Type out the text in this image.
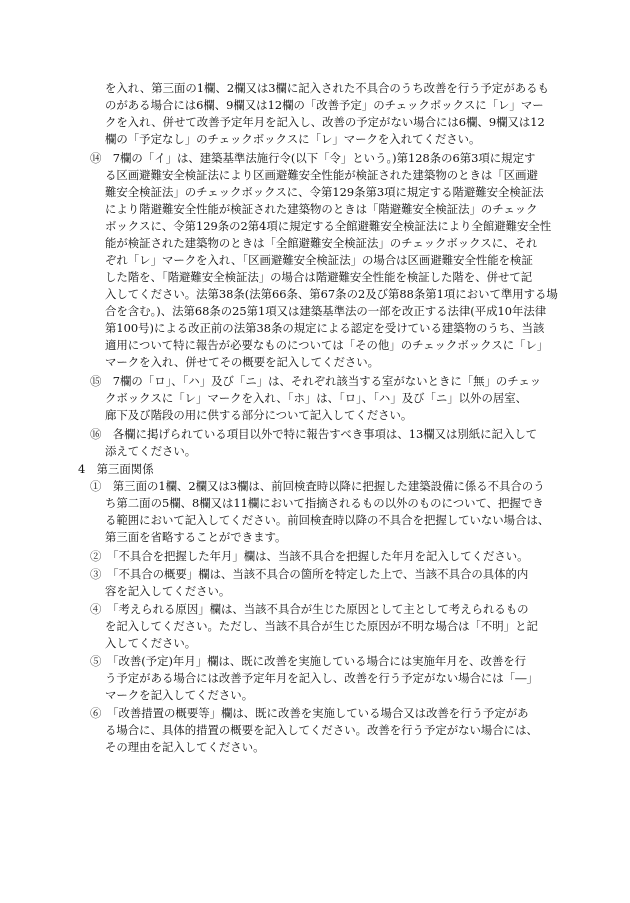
を入れ、第三面の1欄、2欄又は3欄に記入された不具合のうち改善を行う予定があるも
のがある場合には6欄、9欄又は12欄の「改善予定」のチェックボックスに「レ」マー
クを入れ、併せて改善予定年月を記入し、改善の予定がない場合には6欄、9欄又は12
欄の「予定なし」のチェックボックスに「レ」マークを入れてください。
⑭　7欄の「イ」は、建築基準法施行令(以下「令」という。)第128条の6第3項に規定す
る区画避難安全検証法により区画避難安全性能が検証された建築物のときは「区画避
難安全検証法」のチェックボックスに、令第129条第3項に規定する階避難安全検証法
により階避難安全性能が検証された建築物のときは「階避難安全検証法」のチェック
ボックスに、令第129条の2第4項に規定する全館避難安全検証法により全館避難安全性
能が検証された建築物のときは「全館避難安全検証法」のチェックボックスに、それ
ぞれ「レ」マークを入れ、「区画避難安全検証法」の場合は区画避難安全性能を検証
した階を、「階避難安全検証法」の場合は階避難安全性能を検証した階を、併せて記
入してください。法第38条(法第66条、第67条の2及び第88条第1項において準用する場
合を含む。)、法第68条の25第1項又は建築基準法の一部を改正する法律(平成10年法律
第100号)による改正前の法第38条の規定による認定を受けている建築物のうち、当該
適用について特に報告が必要なものについては「その他」のチェックボックスに「レ」
マークを入れ、併せてその概要を記入してください。
⑮　7欄の「ロ」、「ハ」及び「ニ」は、それぞれ該当する室がないときに「無」のチェッ
クボックスに「レ」マークを入れ、「ホ」は、「ロ」、「ハ」及び「ニ」以外の居室、
廊下及び階段の用に供する部分について記入してください。
⑯　各欄に掲げられている項目以外で特に報告すべき事項は、13欄又は別紙に記入して
添えてください。
4　第三面関係
①　第三面の1欄、2欄又は3欄は、前回検査時以降に把握した建築設備に係る不具合のう
ち第二面の5欄、8欄又は11欄において指摘されるもの以外のものについて、把握でき
る範囲において記入してください。前回検査時以降の不具合を把握していない場合は、
第三面を省略することができます。
②　「不具合を把握した年月」欄は、当該不具合を把握した年月を記入してください。
③　「不具合の概要」欄は、当該不具合の箇所を特定した上で、当該不具合の具体的内
容を記入してください。
④　「考えられる原因」欄は、当該不具合が生じた原因として主として考えられるもの
を記入してください。ただし、当該不具合が生じた原因が不明な場合は「不明」と記
入してください。
⑤　「改善(予定)年月」欄は、既に改善を実施している場合には実施年月を、改善を行
う予定がある場合には改善予定年月を記入し、改善を行う予定がない場合には「―」
マークを記入してください。
⑥　「改善措置の概要等」欄は、既に改善を実施している場合又は改善を行う予定があ
る場合に、具体的措置の概要を記入してください。改善を行う予定がない場合には、
その理由を記入してください。
